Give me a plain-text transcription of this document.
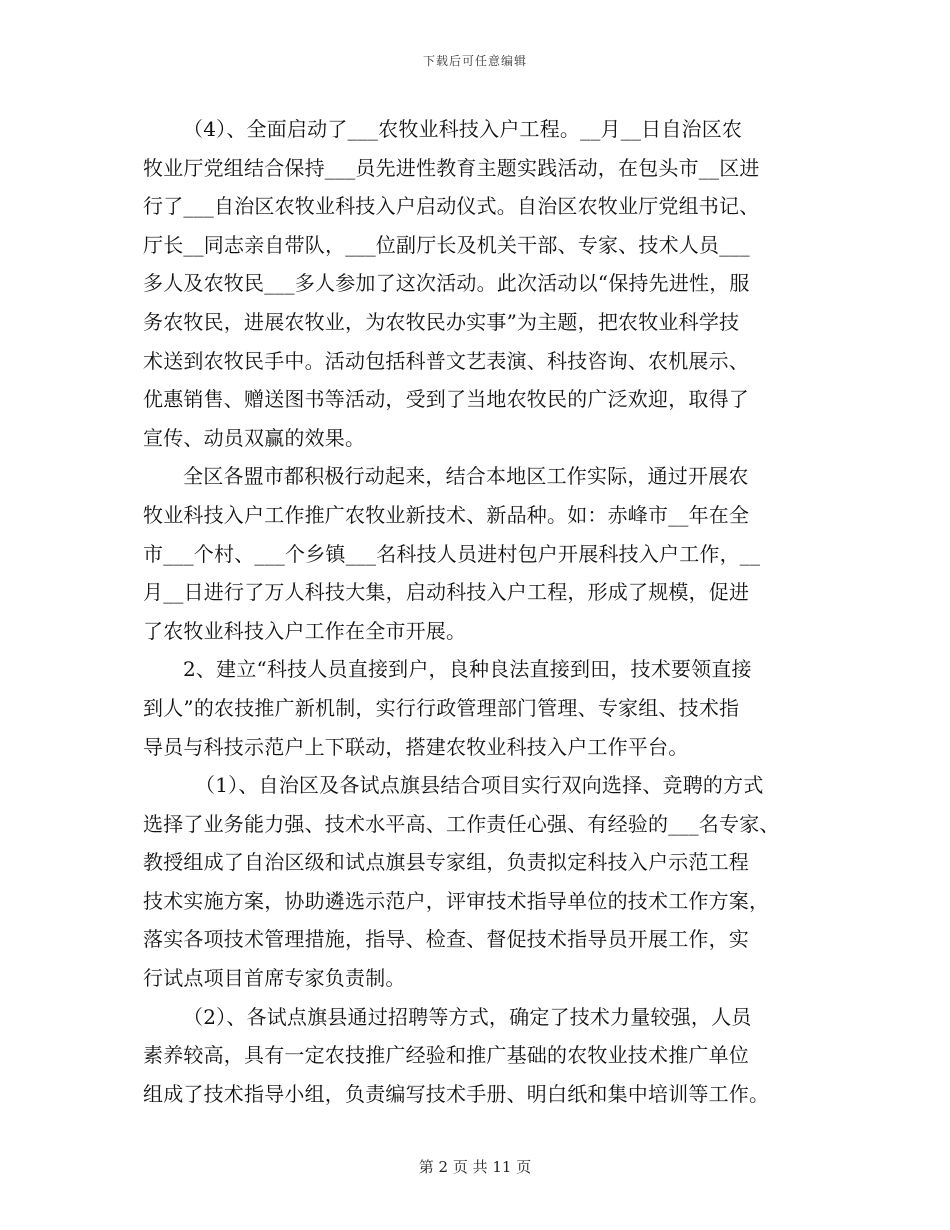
下载后可任意编辑
（4）、全面启动了___农牧业科技入户工程。__月__日自治区农
牧业厅党组结合保持___员先进性教育主题实践活动，在包头市__区进
行了___自治区农牧业科技入户启动仪式。自治区农牧业厅党组书记、
厅长__同志亲自带队，___位副厅长及机关干部、专家、技术人员___
多人及农牧民___多人参加了这次活动。此次活动以“保持先进性，服
务农牧民，进展农牧业，为农牧民办实事”为主题，把农牧业科学技
术送到农牧民手中。活动包括科普文艺表演、科技咨询、农机展示、
优惠销售、赠送图书等活动，受到了当地农牧民的广泛欢迎，取得了
宣传、动员双赢的效果。
全区各盟市都积极行动起来，结合本地区工作实际，通过开展农
牧业科技入户工作推广农牧业新技术、新品种。如：赤峰市__年在全
市___个村、___个乡镇___名科技人员进村包户开展科技入户工作，__
月__日进行了万人科技大集，启动科技入户工程，形成了规模，促进
了农牧业科技入户工作在全市开展。
2、建立“科技人员直接到户，良种良法直接到田，技术要领直接
到人”的农技推广新机制，实行行政管理部门管理、专家组、技术指
导员与科技示范户上下联动，搭建农牧业科技入户工作平台。
（1）、自治区及各试点旗县结合项目实行双向选择、竞聘的方式
选择了业务能力强、技术水平高、工作责任心强、有经验的___名专家、
教授组成了自治区级和试点旗县专家组，负责拟定科技入户示范工程
技术实施方案，协助遴选示范户，评审技术指导单位的技术工作方案，
落实各项技术管理措施，指导、检查、督促技术指导员开展工作，实
行试点项目首席专家负责制。
（2）、各试点旗县通过招聘等方式，确定了技术力量较强，人员
素养较高，具有一定农技推广经验和推广基础的农牧业技术推广单位
组成了技术指导小组，负责编写技术手册、明白纸和集中培训等工作。
第 2 页 共 11 页
